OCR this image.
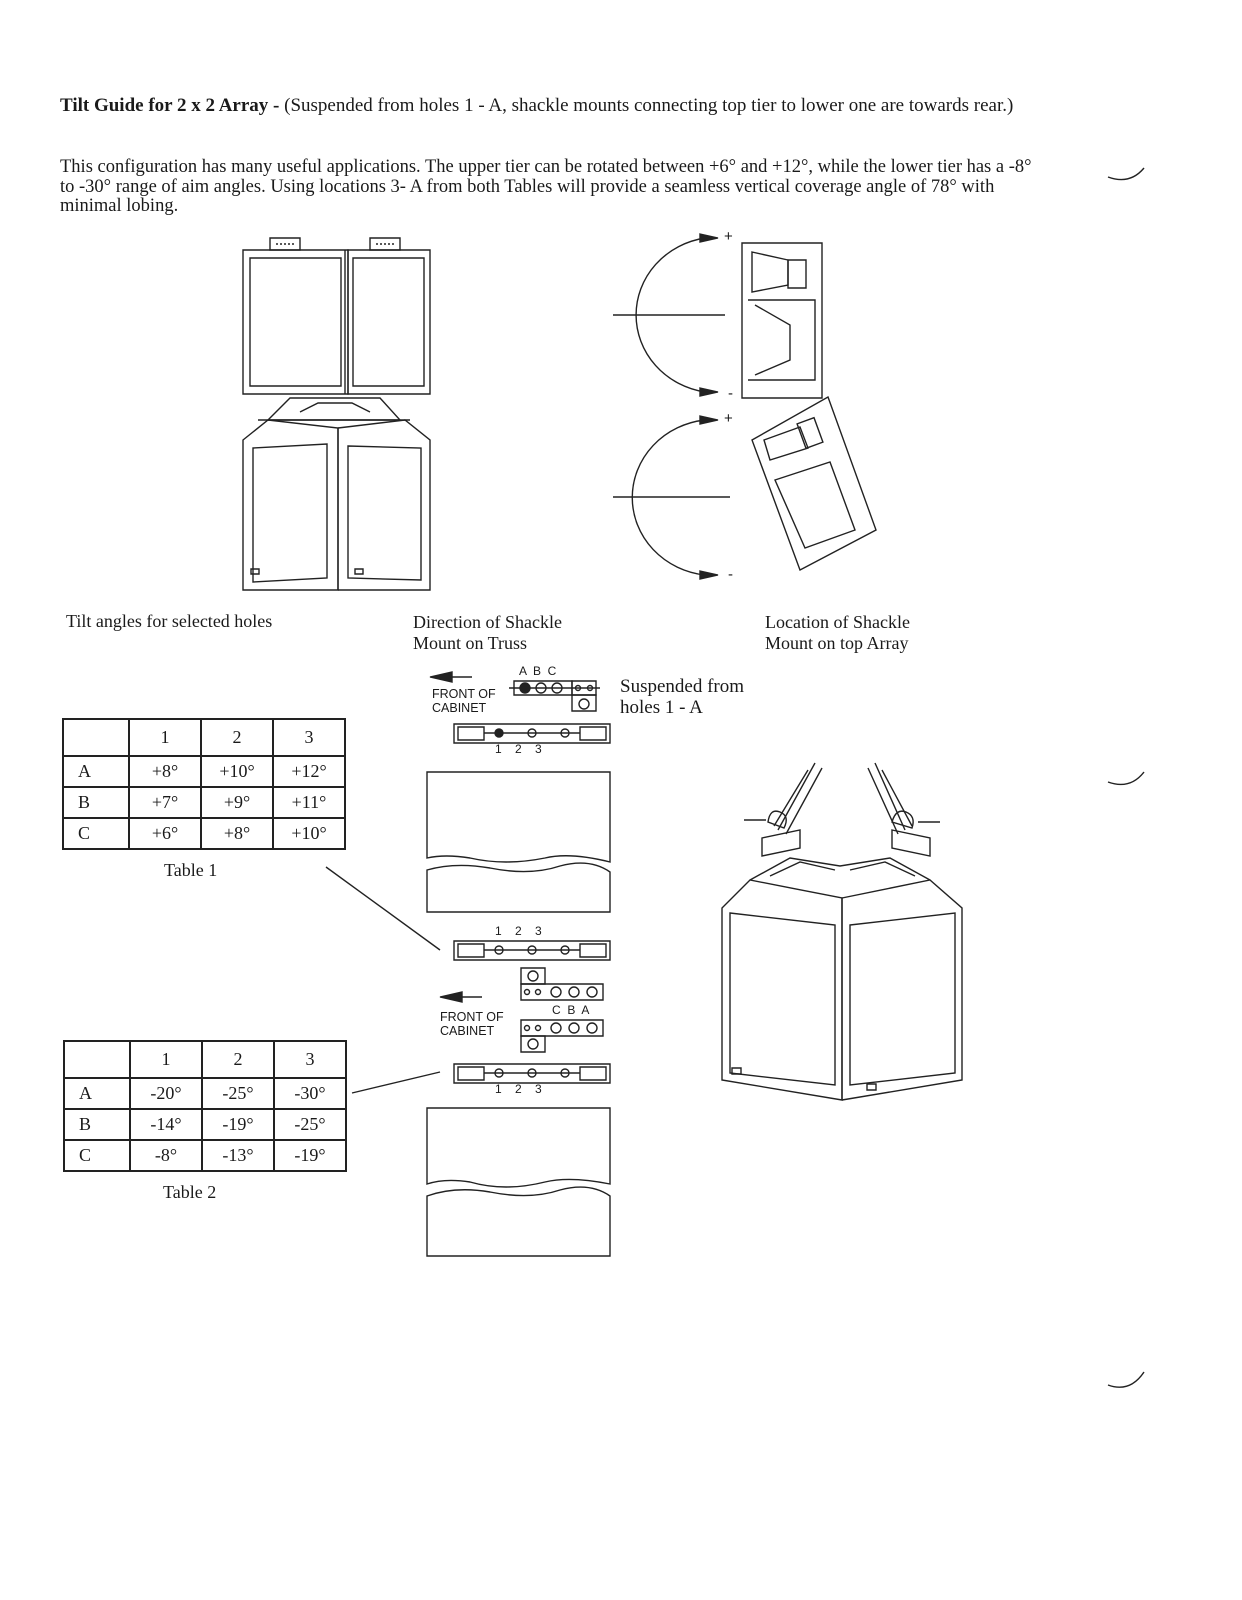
Tilt Guide for 2 x 2 Array - (Suspended from holes 1 - A, shackle mounts connecting top tier to lower one are towards rear.)
This configuration has many useful applications. The upper tier can be rotated between +6° and +12°, while the lower tier has a -8° to -30° range of aim angles. Using locations 3- A from both Tables will provide a seamless vertical coverage angle of 78° with minimal lobing.
+
-
+
-
Tilt angles for selected holes	Direction of Shackle Mount on Truss
Location of Shackle Mount on top Array
A  B  C
FRONT OF CABINET
Suspended from holes 1 - A
1    2    3
1    2    3
C  B  A
FRONT OF CABINET
1    2    3
	1	2	3
A	+8°	+10°	+12°
B	+7°	+9°	+11°
C	+6°	+8°	+10°
Table 1
	1	2	3
A	-20°	-25°	-30°
B	-14°	-19°	-25°
C	-8°	-13°	-19°
Table 2
